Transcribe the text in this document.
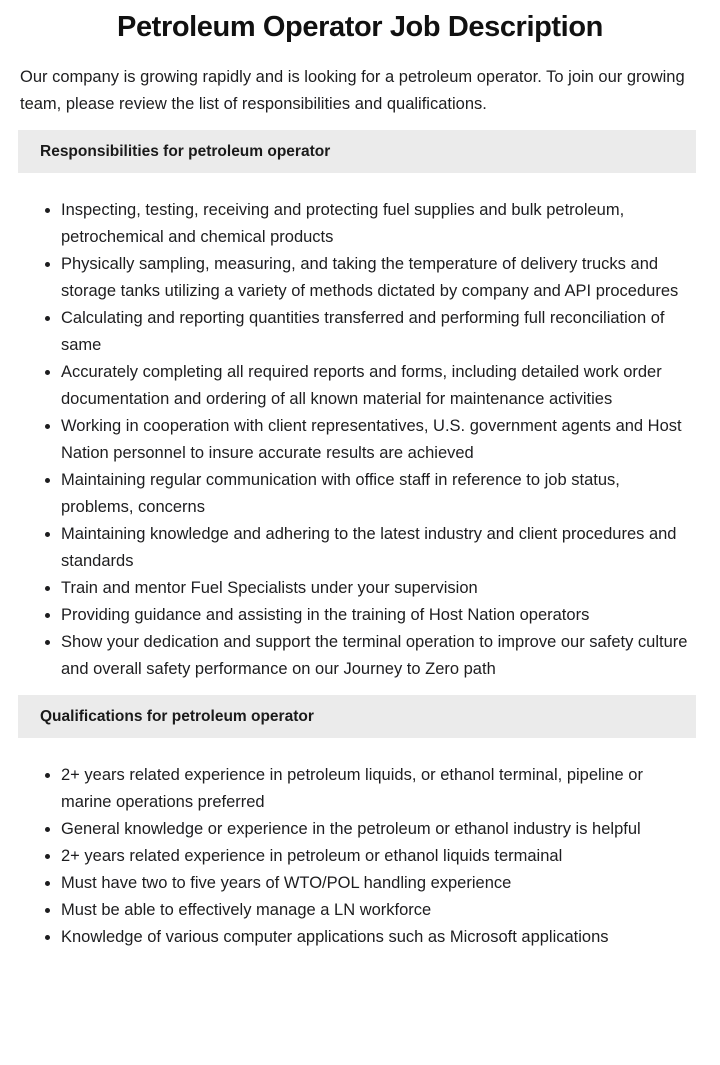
Petroleum Operator Job Description

Our company is growing rapidly and is looking for a petroleum operator. To join our growing team, please review the list of responsibilities and qualifications.

Responsibilities for petroleum operator
Inspecting, testing, receiving and protecting fuel supplies and bulk petroleum, petrochemical and chemical products
Physically sampling, measuring, and taking the temperature of delivery trucks and storage tanks utilizing a variety of methods dictated by company and API procedures
Calculating and reporting quantities transferred and performing full reconciliation of same
Accurately completing all required reports and forms, including detailed work order documentation and ordering of all known material for maintenance activities
Working in cooperation with client representatives, U.S. government agents and Host Nation personnel to insure accurate results are achieved
Maintaining regular communication with office staff in reference to job status, problems, concerns
Maintaining knowledge and adhering to the latest industry and client procedures and standards
Train and mentor Fuel Specialists under your supervision
Providing guidance and assisting in the training of Host Nation operators
Show your dedication and support the terminal operation to improve our safety culture and overall safety performance on our Journey to Zero path
Qualifications for petroleum operator
2+ years related experience in petroleum liquids, or ethanol terminal, pipeline or marine operations preferred
General knowledge or experience in the petroleum or ethanol industry is helpful
2+ years related experience in petroleum or ethanol liquids termainal
Must have two to five years of WTO/POL handling experience
Must be able to effectively manage a LN workforce
Knowledge of various computer applications such as Microsoft applications
